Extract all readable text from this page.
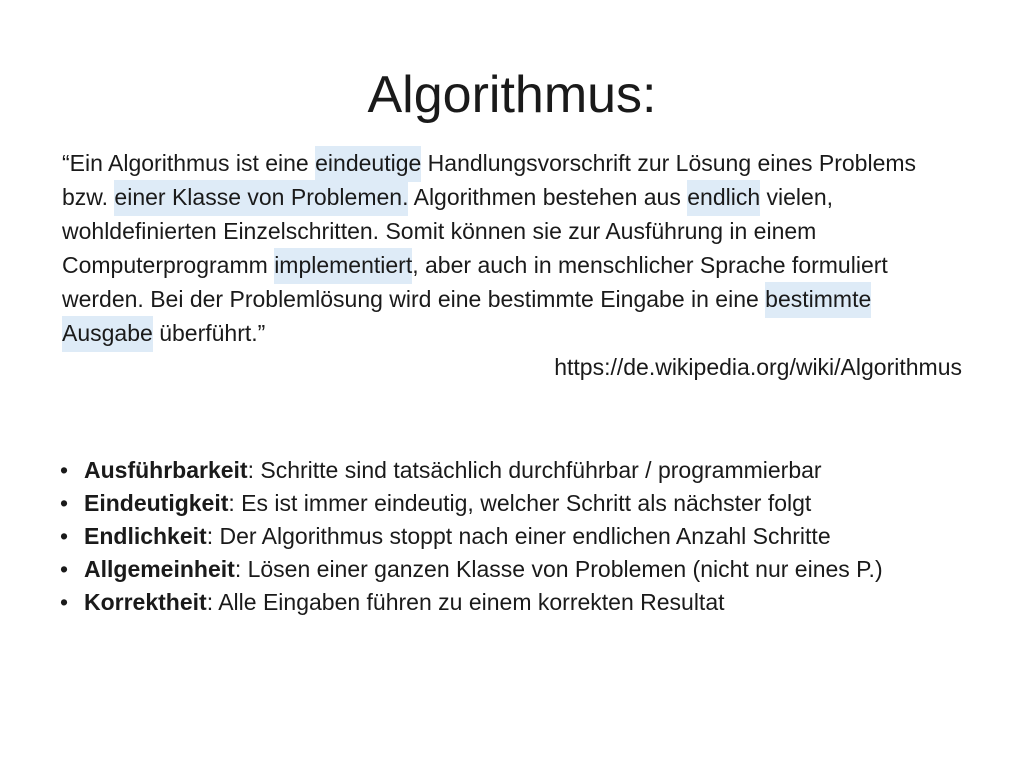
Algorithmus:

“Ein Algorithmus ist eine eindeutige Handlungsvorschrift zur Lösung eines Problems bzw. einer Klasse von Problemen. Algorithmen bestehen aus endlich vielen, wohldefinierten Einzelschritten. Somit können sie zur Ausführung in einem Computerprogramm implementiert, aber auch in menschlicher Sprache formuliert werden. Bei der Problemlösung wird eine bestimmte Eingabe in eine bestimmte Ausgabe überführt.”

https://de.wikipedia.org/wiki/Algorithmus
• Ausführbarkeit: Schritte sind tatsächlich durchführbar / programmierbar
• Eindeutigkeit: Es ist immer eindeutig, welcher Schritt als nächster folgt
• Endlichkeit: Der Algorithmus stoppt nach einer endlichen Anzahl Schritte
• Allgemeinheit: Lösen einer ganzen Klasse von Problemen (nicht nur eines P.)
• Korrektheit: Alle Eingaben führen zu einem korrekten Resultat
